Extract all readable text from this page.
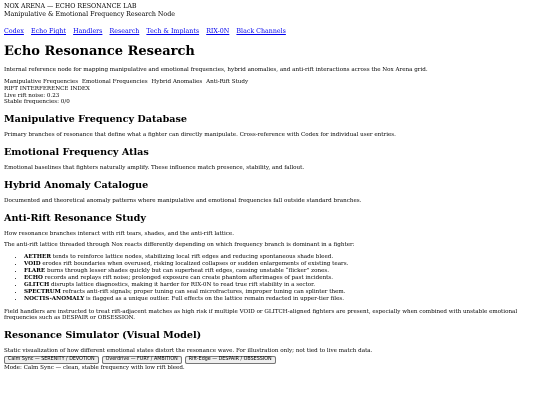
NOX ARENA — ECHO RESONANCE LAB
Manipulative & Emotional Frequency Research Node
Codex Echo Fight Handlers Research Tech & Implants RIX-0N Black Channels
Echo Resonance Research

Internal reference node for mapping manipulative and emotional frequencies, hybrid anomalies, and anti-rift interactions across the Nox Arena grid.

Manipulative Frequencies Emotional Frequencies Hybrid Anomalies Anti-Rift Study
RIFT INTERFERENCE INDEX
Live rift noise: 0.23
Stable frequencies: 0/0
Manipulative Frequency Database

Primary branches of resonance that define what a fighter can directly manipulate. Cross-reference with Codex for individual user entries.

Emotional Frequency Atlas

Emotional baselines that fighters naturally amplify. These influence match presence, stability, and fallout.

Hybrid Anomaly Catalogue

Documented and theoretical anomaly patterns where manipulative and emotional frequencies fall outside standard branches.

Anti-Rift Resonance Study

How resonance branches interact with rift tears, shades, and the anti-rift lattice.

The anti-rift lattice threaded through Nox reacts differently depending on which frequency branch is dominant in a fighter:

• AETHER tends to reinforce lattice nodes, stabilizing local rift edges and reducing spontaneous shade bleed.
• VOID erodes rift boundaries when overused, risking localized collapses or sudden enlargements of existing tears.
• FLARE burns through lesser shades quickly but can superheat rift edges, causing unstable “flicker” zones.
• ECHO records and replays rift noise; prolonged exposure can create phantom afterimages of past incidents.
• GLITCH disrupts lattice diagnostics, making it harder for RIX-0N to read true rift stability in a sector.
• SPECTRUM refracts anti-rift signals; proper tuning can seal microfractures, improper tuning can splinter them.
• NOCTIS-ANOMALY is flagged as a unique outlier. Full effects on the lattice remain redacted in upper-tier files.

Field handlers are instructed to treat rift-adjacent matches as high risk if multiple VOID or GLITCH-aligned fighters are present, especially when combined with unstable emotional frequencies such as DESPAIR or OBSESSION.

Resonance Simulator (Visual Model)

Static visualization of how different emotional states distort the resonance wave. For illustration only; not tied to live match data.

Calm Sync — SERENITY / DEVOTION	Overdrive — FURY / AMBITION	Rift-Edge — DESPAIR / OBSESSION
Mode: Calm Sync — clean, stable frequency with low rift bleed.
